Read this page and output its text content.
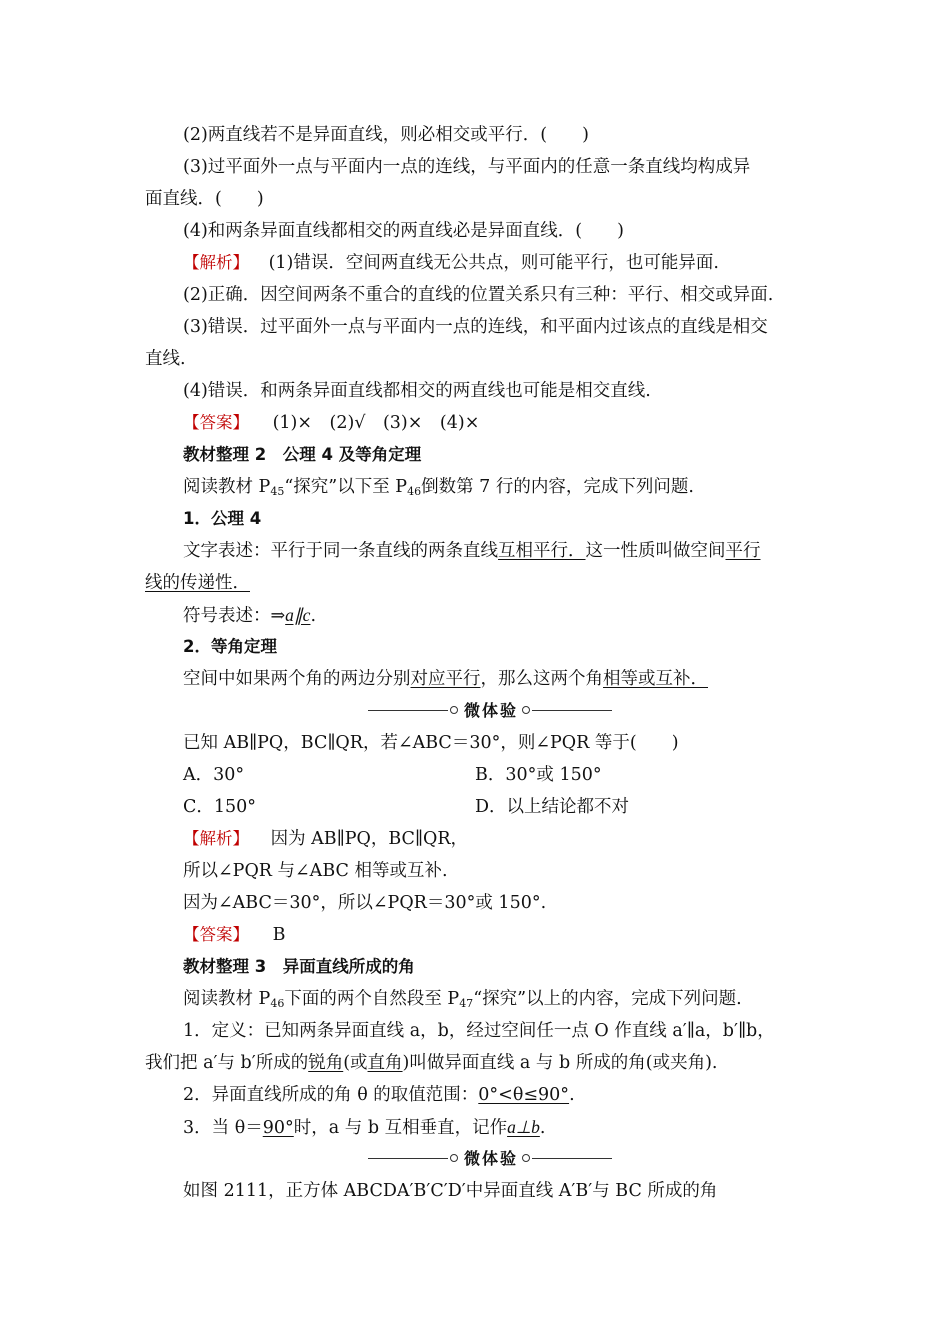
(2)两直线若不是异面直线，则必相交或平行．(　　)
(3)过平面外一点与平面内一点的连线，与平面内的任意一条直线均构成异
面直线．(　　)
(4)和两条异面直线都相交的两直线必是异面直线．(　　)
【解析】 (1)错误．空间两直线无公共点，则可能平行，也可能异面.
(2)正确．因空间两条不重合的直线的位置关系只有三种：平行、相交或异面.
(3)错误．过平面外一点与平面内一点的连线，和平面内过该点的直线是相交
直线.
(4)错误．和两条异面直线都相交的两直线也可能是相交直线.
【答案】 (1)×　(2)√　(3)×　(4)×
教材整理 2　公理 4 及等角定理
阅读教材 $P_{45}“$探究”以下至 $P_{46}$倒数第 7 行的内容，完成下列问题.
1．公理 4
文字表述：平行于同一条直线的两条直线互相平行．这一性质叫做空间平行
线的传递性．
符号表述：⇒a∥c.
2．等角定理
空间中如果两个角的两边分别对应平行，那么这两个角相等或互补．
微体验
已知 AB∥PQ，BC∥QR，若∠ABC＝30°，则∠PQR 等于(　　)
A．30°	B．30°或 150°
C．150°	D．以上结论都不对
【解析】 因为 AB∥PQ，BC∥QR，
所以∠PQR 与∠ABC 相等或互补.
因为∠ABC＝30°，所以∠PQR＝30°或 150°.
【答案】 B
教材整理 3　异面直线所成的角
阅读教材 $P_{46}$下面的两个自然段至 $P_{47}“$探究”以上的内容，完成下列问题.
1．定义：已知两条异面直线 a，b，经过空间任一点 O 作直线 a′∥a，b′∥b，
我们把 a′与 b′所成的锐角(或直角)叫做异面直线 a 与 b 所成的角(或夹角).
2．异面直线所成的角 θ 的取值范围：0°<θ≤90°.
3．当 θ＝90°时，a 与 b 互相垂直，记作a⊥b.
微体验
如图 2111，正方体 ABCDA′B′C′D′中异面直线 A′B′与 BC 所成的角
